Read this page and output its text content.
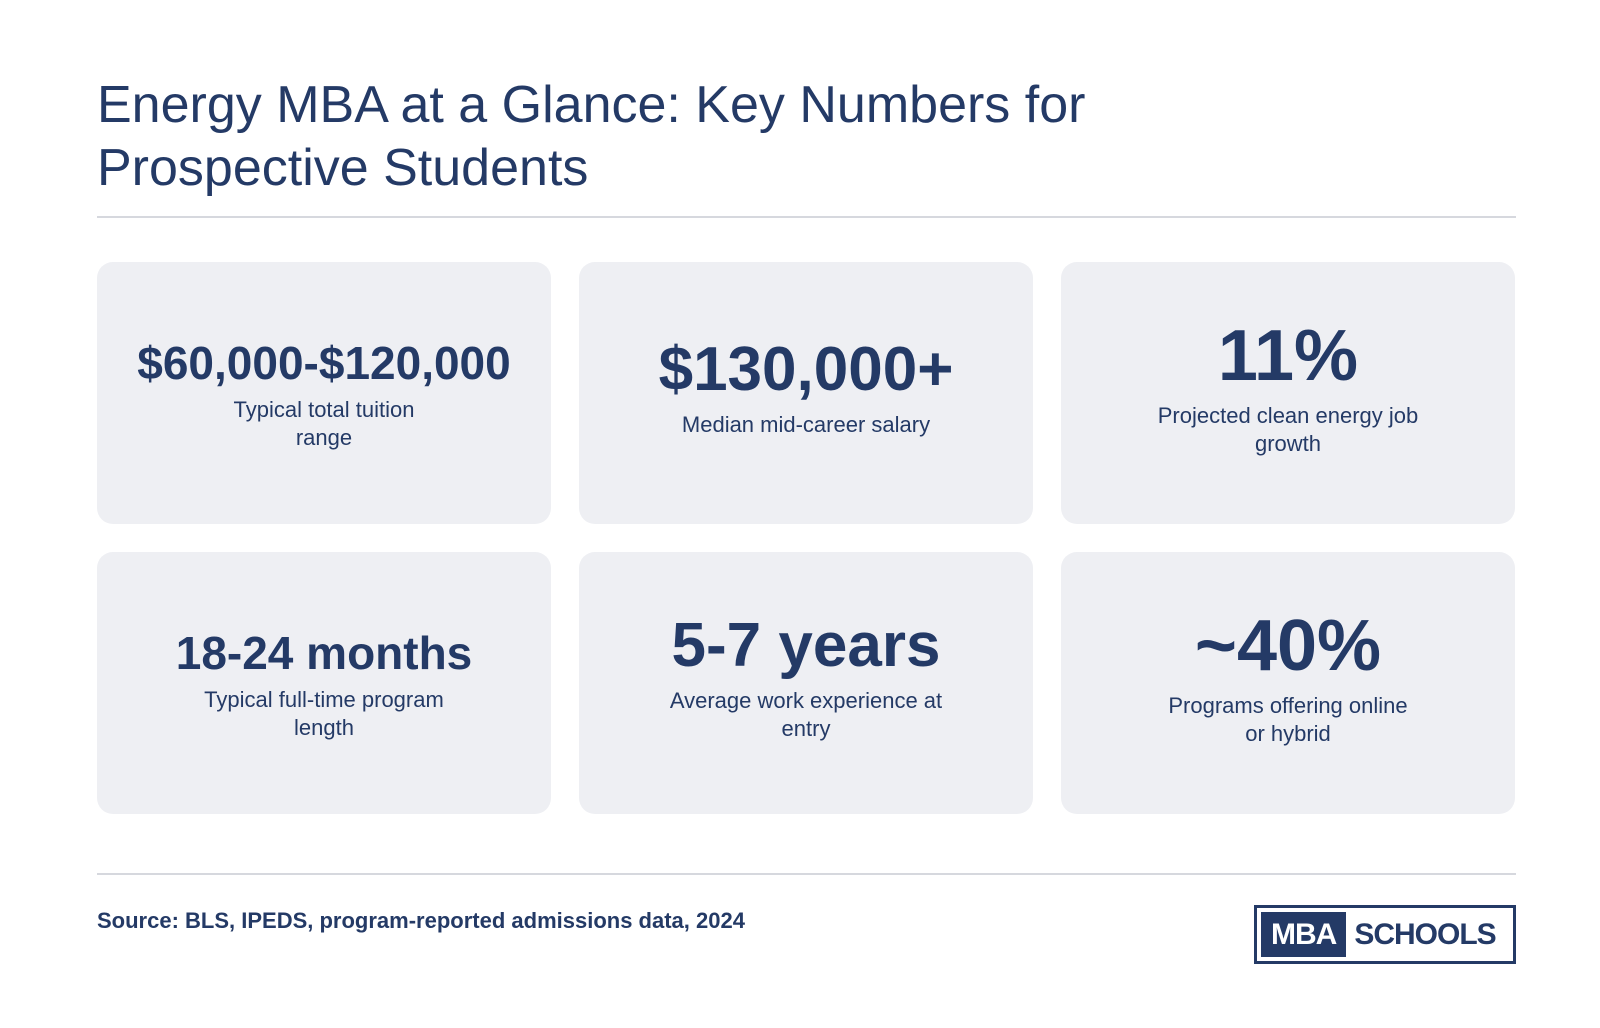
Energy MBA at a Glance: Key Numbers for Prospective Students
$60,000-$120,000
Typical total tuition range
$130,000+
Median mid-career salary
11%
Projected clean energy job growth
18-24 months
Typical full-time program length
5-7 years
Average work experience at entry
~40%
Programs offering online or hybrid
Source: BLS, IPEDS, program-reported admissions data, 2024	MBA SCHOOLS
